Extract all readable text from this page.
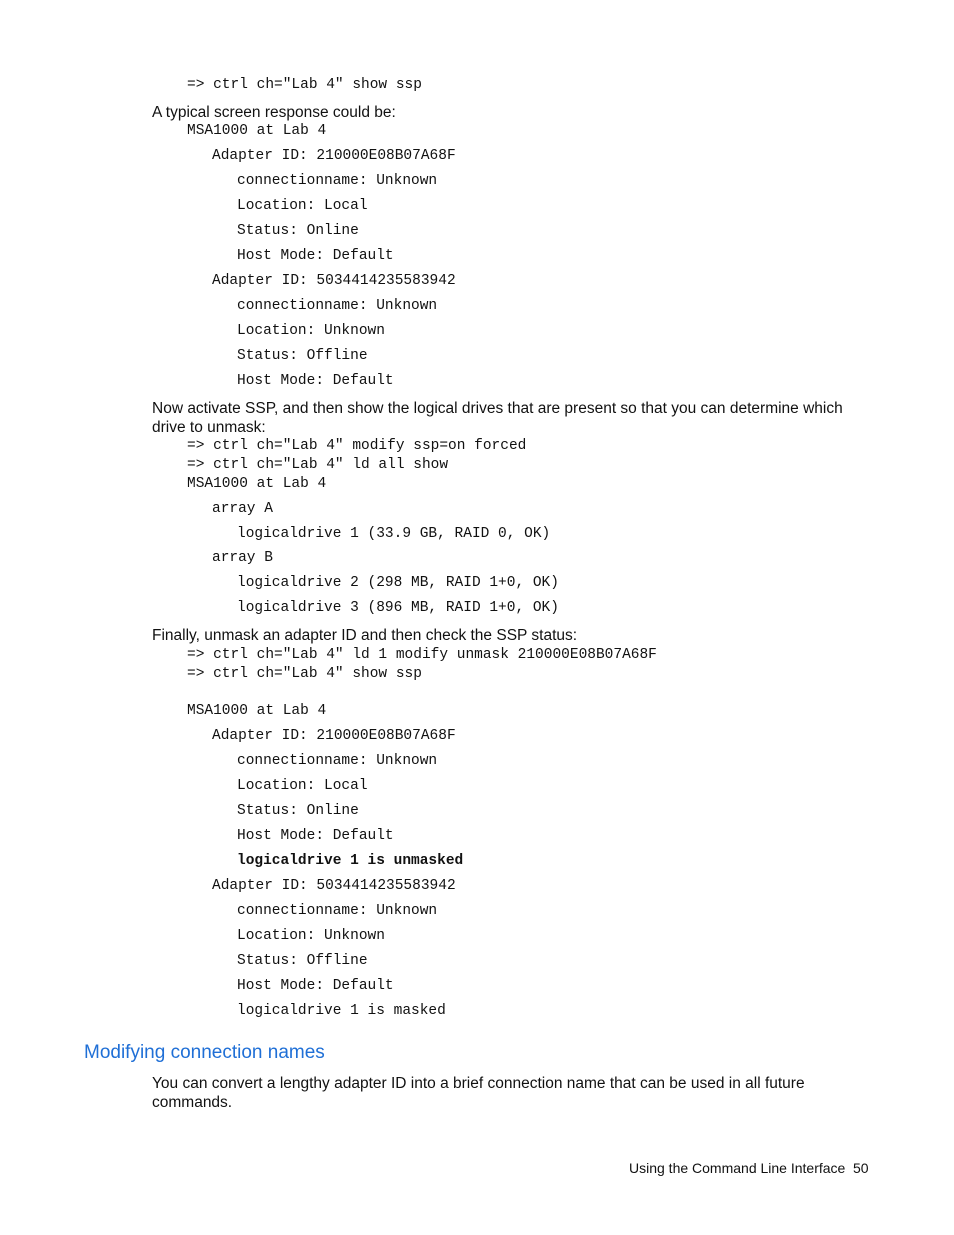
=> ctrl ch="Lab 4" show ssp
A typical screen response could be:
MSA1000 at Lab 4
Adapter ID: 210000E08B07A68F
connectionname: Unknown
Location: Local
Status: Online
Host Mode: Default
Adapter ID: 5034414235583942
connectionname: Unknown
Location: Unknown
Status: Offline
Host Mode: Default
Now activate SSP, and then show the logical drives that are present so that you can determine which drive to unmask:
=> ctrl ch="Lab 4" modify ssp=on forced
=> ctrl ch="Lab 4" ld all show
MSA1000 at Lab 4
array A
logicaldrive 1 (33.9 GB, RAID 0, OK)
array B
logicaldrive 2 (298 MB, RAID 1+0, OK)
logicaldrive 3 (896 MB, RAID 1+0, OK)
Finally, unmask an adapter ID and then check the SSP status:
=> ctrl ch="Lab 4" ld 1 modify unmask 210000E08B07A68F
=> ctrl ch="Lab 4" show ssp
MSA1000 at Lab 4
Adapter ID: 210000E08B07A68F
connectionname: Unknown
Location: Local
Status: Online
Host Mode: Default
logicaldrive 1 is unmasked
Adapter ID: 5034414235583942
connectionname: Unknown
Location: Unknown
Status: Offline
Host Mode: Default
logicaldrive 1 is masked
Modifying connection names
You can convert a lengthy adapter ID into a brief connection name that can be used in all future commands.
Using the Command Line Interface 50
